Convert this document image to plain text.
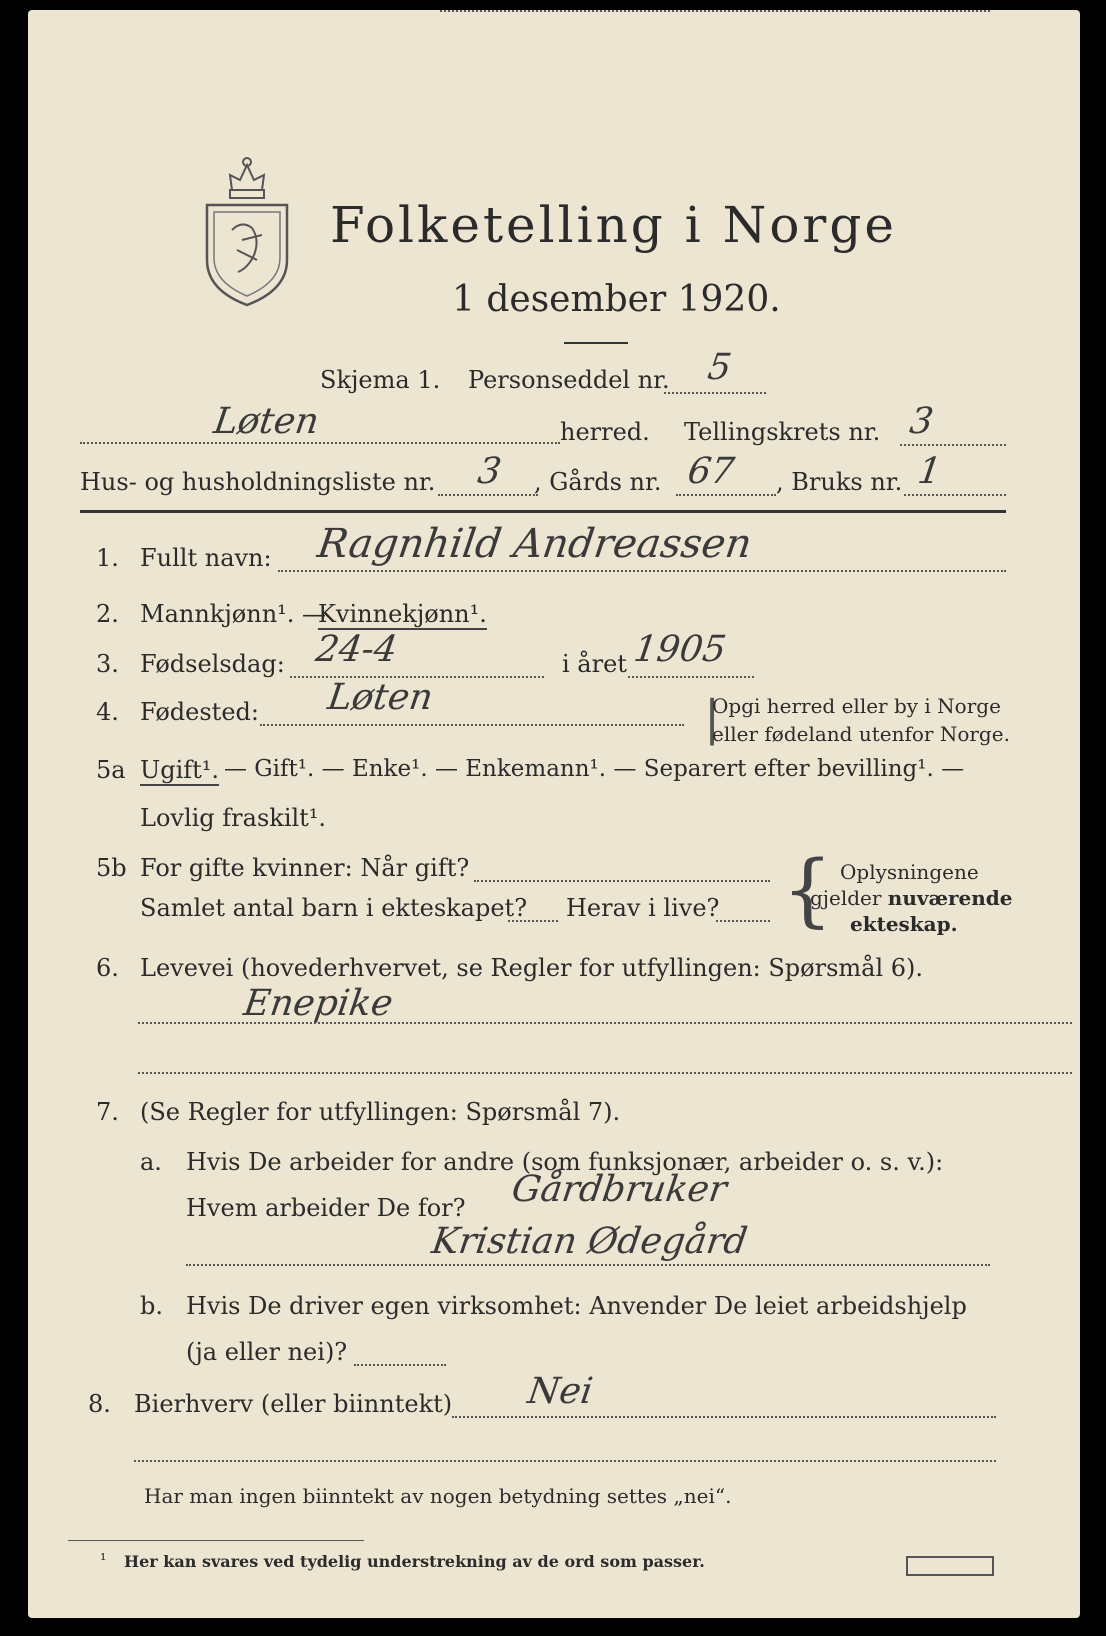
Folketelling i Norge
1 desember 1920.
Skjema 1. Personseddel nr. 5
Løten	herred. Tellingskrets nr. 3
Hus- og husholdningsliste nr. 3 , Gårds nr. 67 , Bruks nr. 1
1. Fullt navn: Ragnhild Andreassen
2. Mannkjønn¹. —
Kvinnekjønn¹.
3. Fødselsdag: 24-4	i året 1905
4. Fødested: Løten	|
Opgi herred eller by i Norge
eller fødeland utenfor Norge.
5a Ugift¹. — Gift¹. — Enke¹. — Enkemann¹. — Separert efter bevilling¹. —
Lovlig fraskilt¹.
5b For gifte kvinner: Når gift?
Samlet antal barn i ekteskapet? Herav i live? { Oplysningene
gjelder nuværende
ekteskap.
6. Levevei (hovederhvervet, se Regler for utfyllingen: Spørsmål 6).
Enepike
7. (Se Regler for utfyllingen: Spørsmål 7).
a. Hvis De arbeider for andre (som funksjonær, arbeider o. s. v.):
Hvem arbeider De for? Gårdbruker
Kristian Ødegård
b. Hvis De driver egen virksomhet: Anvender De leiet arbeidshjelp
(ja eller nei)?
8. Bierhverv (eller biinntekt) Nei
Har man ingen biinntekt av nogen betydning settes „nei“.
¹ Her kan svares ved tydelig understrekning av de ord som passer.
